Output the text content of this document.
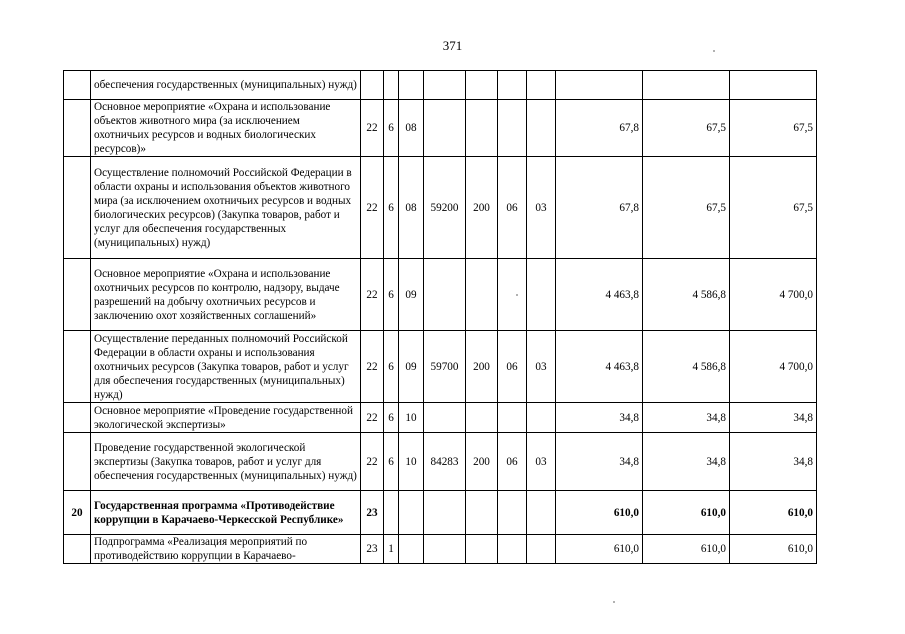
371
	обеспечения государственных (муниципальных) нужд)										
	Основное мероприятие «Охрана и использование объектов животного мира (за исключением охотничьих ресурсов и водных биологических ресурсов)»	22	6	08					67,8	67,5	67,5
	Осуществление полномочий Российской Федерации в области охраны и использования объектов животного мира (за исключением охотничьих ресурсов и водных биологических ресурсов) (Закупка товаров, работ и услуг для обеспечения государственных (муниципальных) нужд)	22	6	08	59200	200	06	03	67,8	67,5	67,5
	Основное мероприятие «Охрана и использование охотничьих ресурсов по контролю, надзору, выдаче разрешений на добычу охотничьих ресурсов и заключению охот хозяйственных соглашений»	22	6	09					4 463,8	4 586,8	4 700,0
	Осуществление переданных полномочий Российской Федерации в области охраны и использования охотничьих ресурсов (Закупка товаров, работ и услуг для обеспечения государственных (муниципальных) нужд)	22	6	09	59700	200	06	03	4 463,8	4 586,8	4 700,0
	Основное мероприятие «Проведение государственной экологической экспертизы»	22	6	10					34,8	34,8	34,8
	Проведение государственной экологической экспертизы (Закупка товаров, работ и услуг для обеспечения государственных (муниципальных) нужд)	22	6	10	84283	200	06	03	34,8	34,8	34,8
20	Государственная программа «Противодействие коррупции в Карачаево-Черкесской Республике»	23							610,0	610,0	610,0
	Подпрограмма «Реализация мероприятий по противодействию коррупции в Карачаево-	23	1						610,0	610,0	610,0
